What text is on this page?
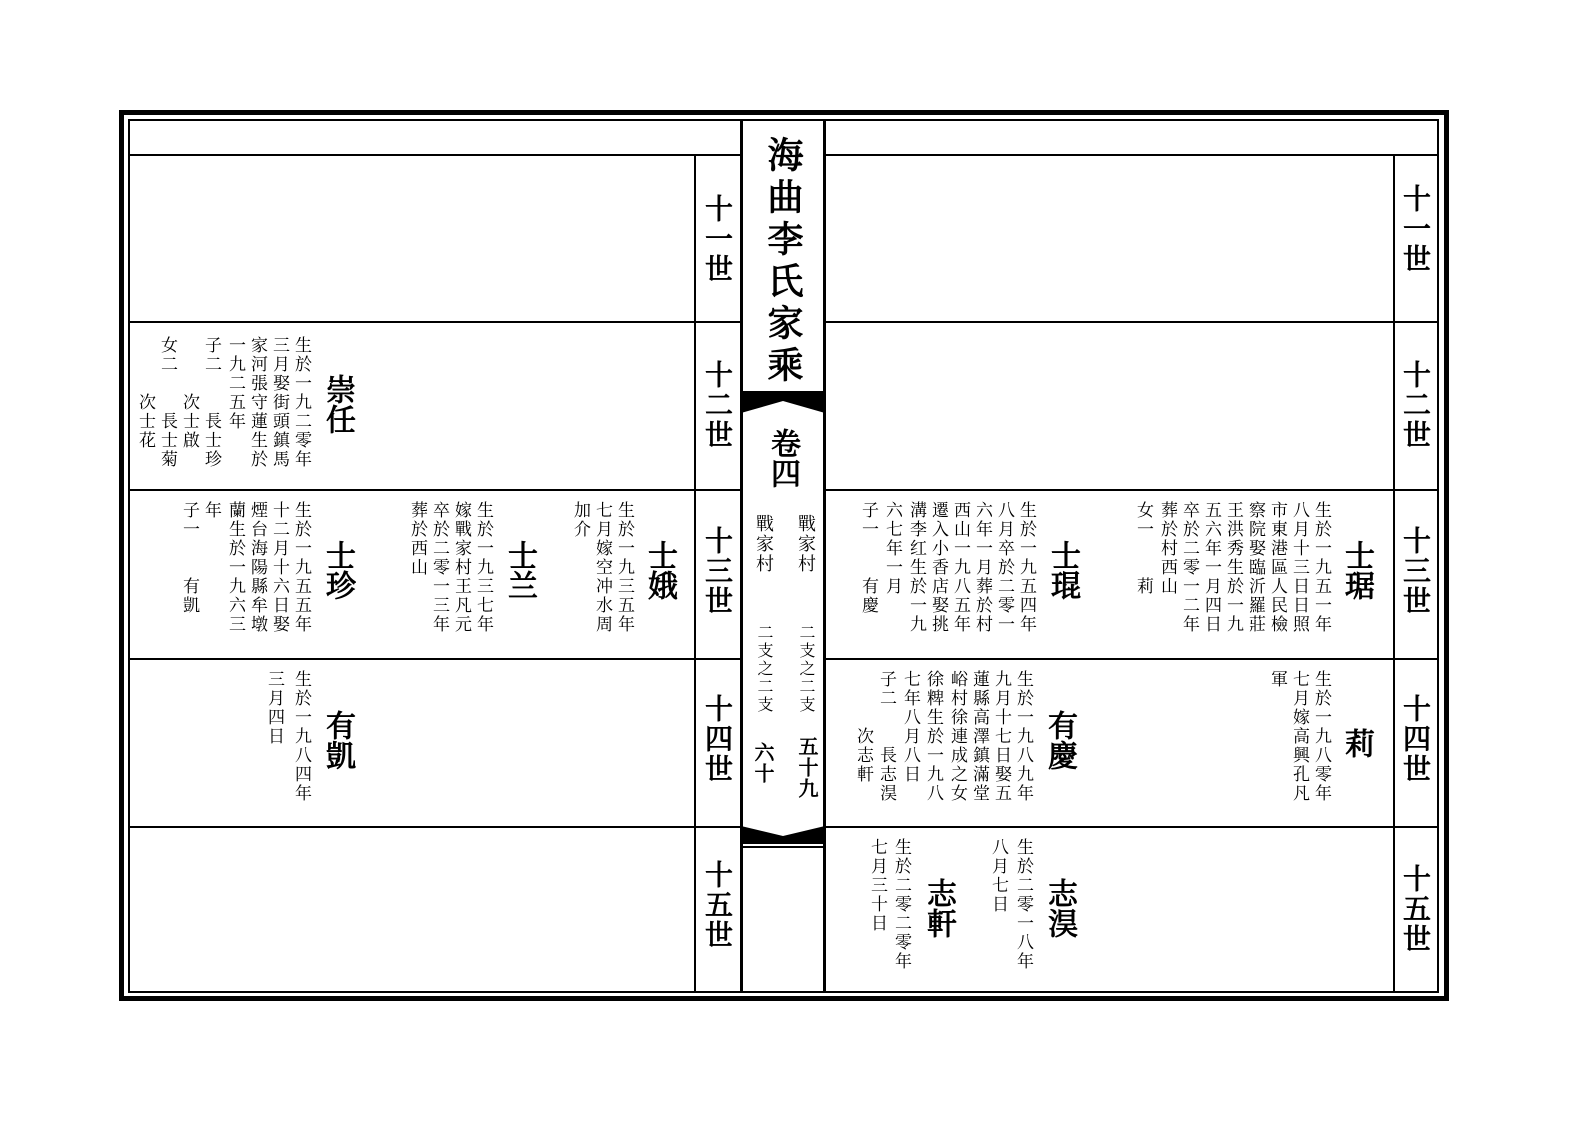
海曲李氏家乘
卷四
戰家村
二支之二支
五十九
戰家村
二支之二支
六十
十一世
十二世
十三世
十四世
十五世
十一世
十二世
十三世
十四世
十五世
崇任
生於一九二零年
三月娶街頭鎮馬
家河張守蓮生於
一九二五年
子二　　長士珍
　　　次士啟
女二　　長士菊
　　　次士花
士娥
生於一九三五年
七月嫁空冲水周
加介
士兰
生於一九三七年
嫁戰家村王凡元
卒於二零一三年
葬於西山
士珍
生於一九五五年
十二月十六日娶
煙台海陽縣牟墩
蘭生於一九六三
年
子一　　有凱
有凱
生於一九八四年
三月四日
士琚
生於一九五一年
八月十三日日照
市東港區人民檢
察院娶臨沂羅莊
王洪秀生於一九
五六年一月四日
卒於二零一二年
葬於村西山
女一　　莉
士琨
生於一九五四年
八月卒於二零一
六年一月葬於村
西山一九八五年
遷入小香店娶挑
溝李红生於一九
六七年一月
子一　　有慶
莉
生於一九八零年
七月嫁高興孔凡
軍
有慶
生於一九八九年
九月十七日娶五
蓮縣高澤鎮滿堂
峪村徐連成之女
徐粺生於一九八
七年八月八日
子二　　長志淏
　　　次志軒
志淏
生於二零一八年
八月七日
志軒
生於二零二零年
七月三十日
